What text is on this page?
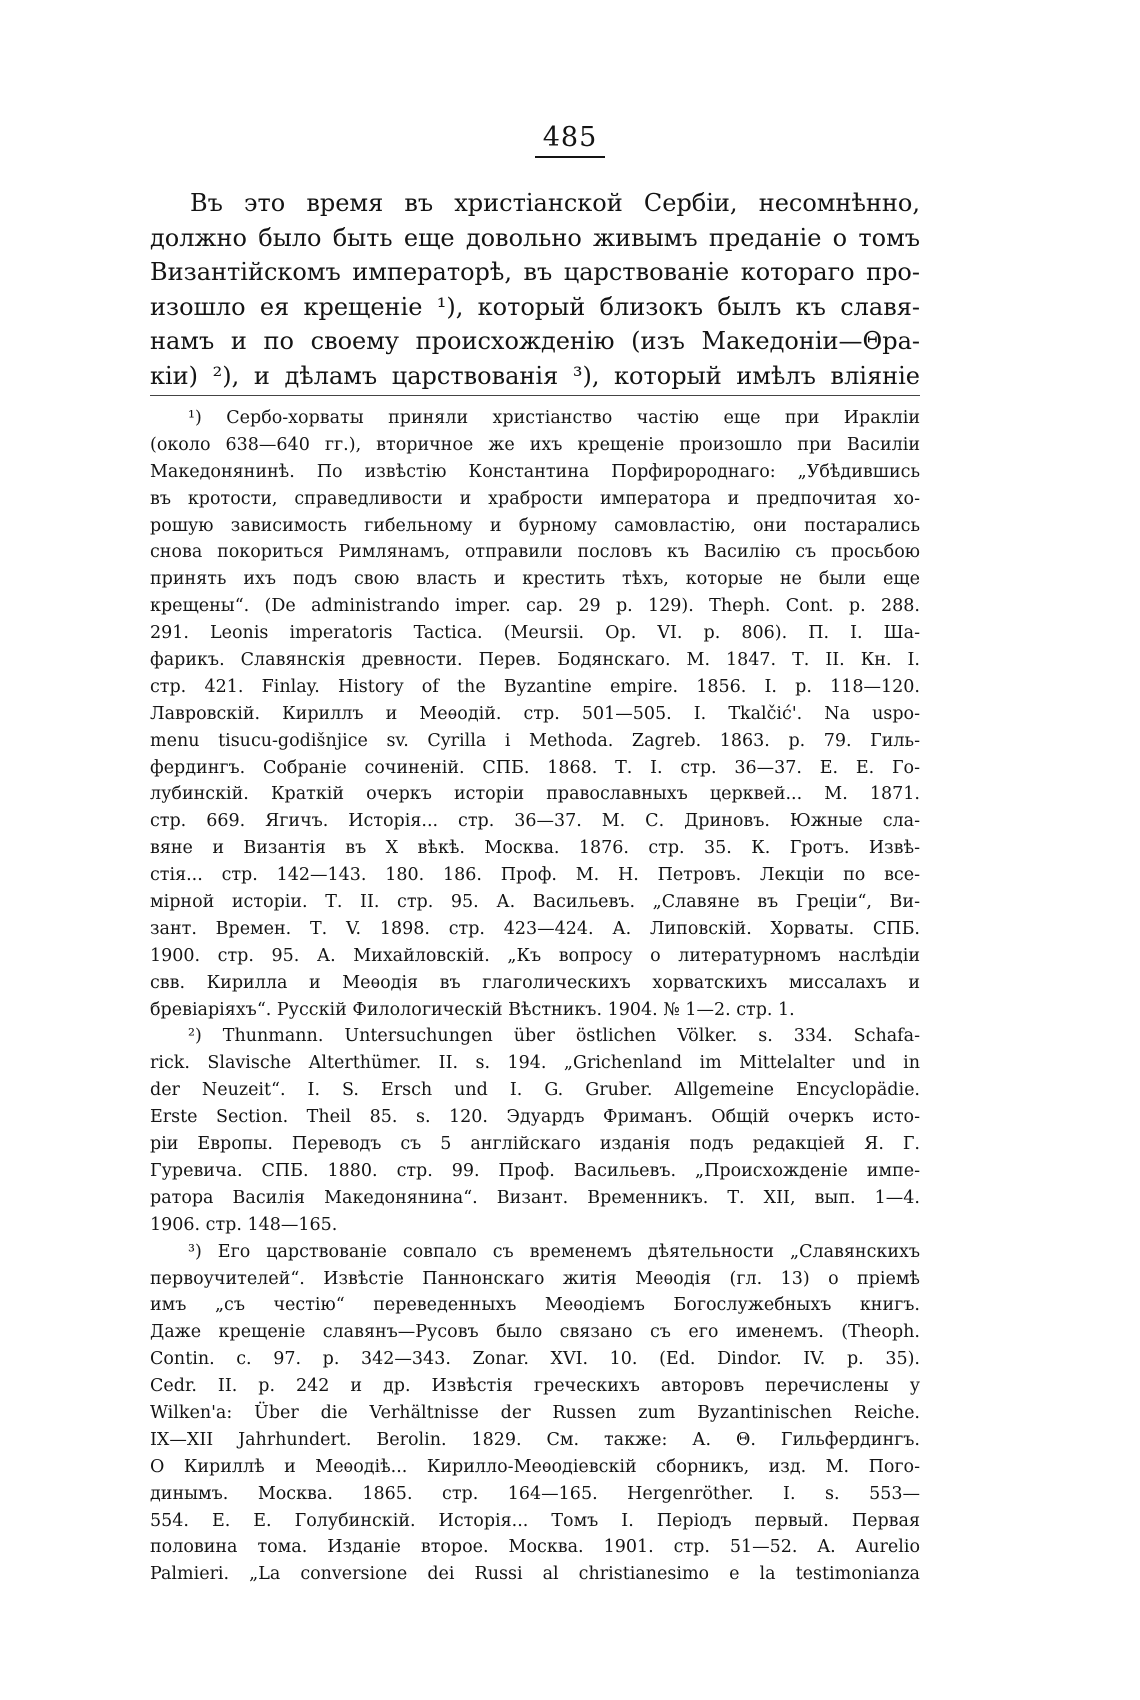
485
Въ это время въ христіанской Сербіи, несомнѣнно,
должно было быть еще довольно живымъ преданіе о томъ
Византійскомъ императорѣ, въ царствованіе котораго про-
изошло ея крещеніе ¹), который близокъ былъ къ славя-
намъ и по своему происхожденію (изъ Македоніи—Θра-
кіи) ²), и дѣламъ царствованія ³), который имѣлъ вліяніе
¹) Сербо-хорваты приняли христіанство частію еще при Иракліи
(около 638—640 гг.), вторичное же ихъ крещеніе произошло при Василіи
Македонянинѣ. По извѣстію Константина Порфиророднаго: „Убѣдившись
въ кротости, справедливости и храбрости императора и предпочитая хо-
рошую зависимость гибельному и бурному самовластію, они постарались
снова покориться Римлянамъ, отправили пословъ къ Василію съ просьбою
принять ихъ подъ свою власть и крестить тѣхъ, которые не были еще
крещены“. (De administrando imper. cap. 29 p. 129). Theph. Cont. p. 288.
291. Leonis imperatoris Tactica. (Meursii. Op. VI. p. 806). П. І. Ша-
фарикъ. Славянскія древности. Перев. Бодянскаго. М. 1847. Т. II. Кн. I.
стр. 421. Finlay. History of the Byzantine empire. 1856. I. p. 118—120.
Лавровскій. Кириллъ и Меѳодій. стр. 501—505. I. Tkalčić'. Na uspo-
menu tisucu-godišnjice sv. Cyrilla i Methoda. Zagreb. 1863. p. 79. Гиль-
фердингъ. Собраніе сочиненій. СПБ. 1868. Т. I. стр. 36—37. Е. Е. Го-
лубинскій. Краткій очеркъ исторіи православныхъ церквей... М. 1871.
стр. 669. Ягичъ. Исторія... стр. 36—37. М. С. Дриновъ. Южные сла-
вяне и Византія въ X вѣкѣ. Москва. 1876. стр. 35. К. Гротъ. Извѣ-
стія... стр. 142—143. 180. 186. Проф. М. Н. Петровъ. Лекціи по все-
мірной исторіи. Т. II. стр. 95. А. Васильевъ. „Славяне въ Греціи“, Ви-
зант. Времен. Т. V. 1898. стр. 423—424. А. Липовскій. Хорваты. СПБ.
1900. стр. 95. А. Михайловскій. „Къ вопросу о литературномъ наслѣдіи
свв. Кирилла и Меѳодія въ глаголическихъ хорватскихъ миссалахъ и
бревіаріяхъ“. Русскій Филологическій Вѣстникъ. 1904. № 1—2. стр. 1.
²) Thunmann. Untersuchungen über östlichen Völker. s. 334. Schafa-
rick. Slavische Alterthümer. II. s. 194. „Grichenland im Mittelalter und in
der Neuzeit“. I. S. Ersch und I. G. Gruber. Allgemeine Encyclopädie.
Erste Section. Theil 85. s. 120. Эдуардъ Фриманъ. Общій очеркъ исто-
ріи Европы. Переводъ съ 5 англійскаго изданія подъ редакціей Я. Г.
Гуревича. СПБ. 1880. стр. 99. Проф. Васильевъ. „Происхожденіе импе-
ратора Василія Македонянина“. Визант. Временникъ. Т. XII, вып. 1—4.
1906. стр. 148—165.
³) Его царствованіе совпало съ временемъ дѣятельности „Славянскихъ
первоучителей“. Извѣстіе Паннонскаго житія Меѳодія (гл. 13) о пріемѣ
имъ „съ честію“ переведенныхъ Меѳодіемъ Богослужебныхъ книгъ.
Даже крещеніе славянъ—Русовъ было связано съ его именемъ. (Theoph.
Contin. c. 97. p. 342—343. Zonar. XVI. 10. (Ed. Dindor. IV. p. 35).
Cedr. II. p. 242 и др. Извѣстія греческихъ авторовъ перечислены у
Wilken'a: Über die Verhältnisse der Russen zum Byzantinischen Reiche.
IX—XII Jahrhundert. Berolin. 1829. См. также: А. Θ. Гильфердингъ.
О Кириллѣ и Меѳодіѣ... Кирилло-Меѳодіевскій сборникъ, изд. М. Пого-
динымъ. Москва. 1865. стр. 164—165. Hergenröther. I. s. 553—
554. Е. Е. Голубинскій. Исторія... Томъ I. Періодъ первый. Первая
половина тома. Изданіе второе. Москва. 1901. стр. 51—52. A. Aurelio
Palmieri. „La conversione dei Russi al christianesimo e la testimonianza
